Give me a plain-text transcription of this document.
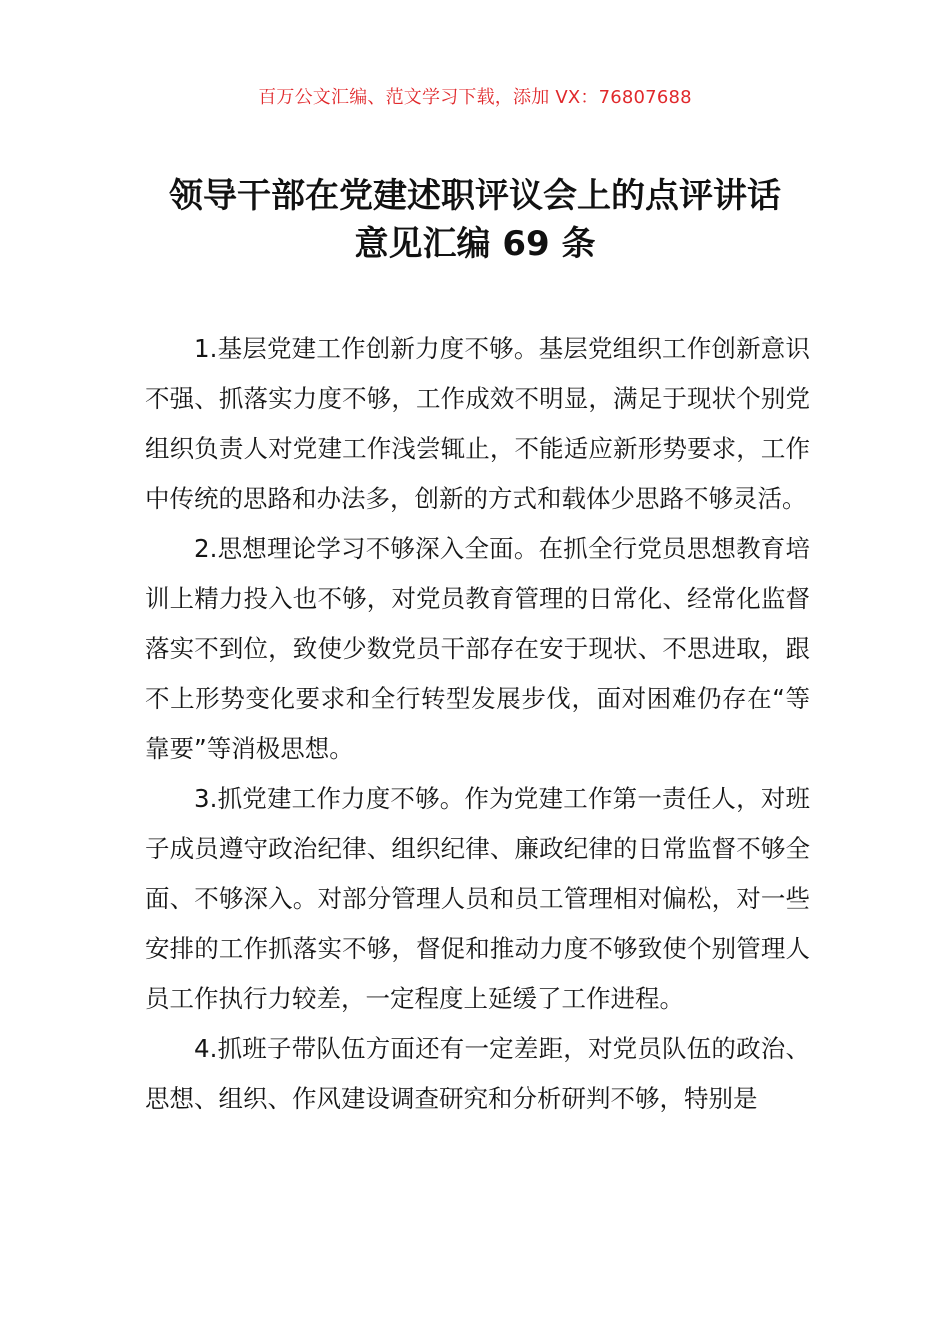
百万公文汇编、范文学习下载，添加 VX：76807688
领导干部在党建述职评议会上的点评讲话
意见汇编 69 条

1.基层党建工作创新力度不够。基层党组织工作创新意识不强、抓落实力度不够，工作成效不明显，满足于现状个别党组织负责人对党建工作浅尝辄止，不能适应新形势要求，工作中传统的思路和办法多，创新的方式和载体少思路不够灵活。

2.思想理论学习不够深入全面。在抓全行党员思想教育培训上精力投入也不够，对党员教育管理的日常化、经常化监督落实不到位，致使少数党员干部存在安于现状、不思进取，跟不上形势变化要求和全行转型发展步伐，面对困难仍存在“等靠要”等消极思想。

3.抓党建工作力度不够。作为党建工作第一责任人，对班子成员遵守政治纪律、组织纪律、廉政纪律的日常监督不够全面、不够深入。对部分管理人员和员工管理相对偏松，对一些安排的工作抓落实不够，督促和推动力度不够致使个别管理人员工作执行力较差，一定程度上延缓了工作进程。

4.抓班子带队伍方面还有一定差距，对党员队伍的政治、思想、组织、作风建设调查研究和分析研判不够，特别是
